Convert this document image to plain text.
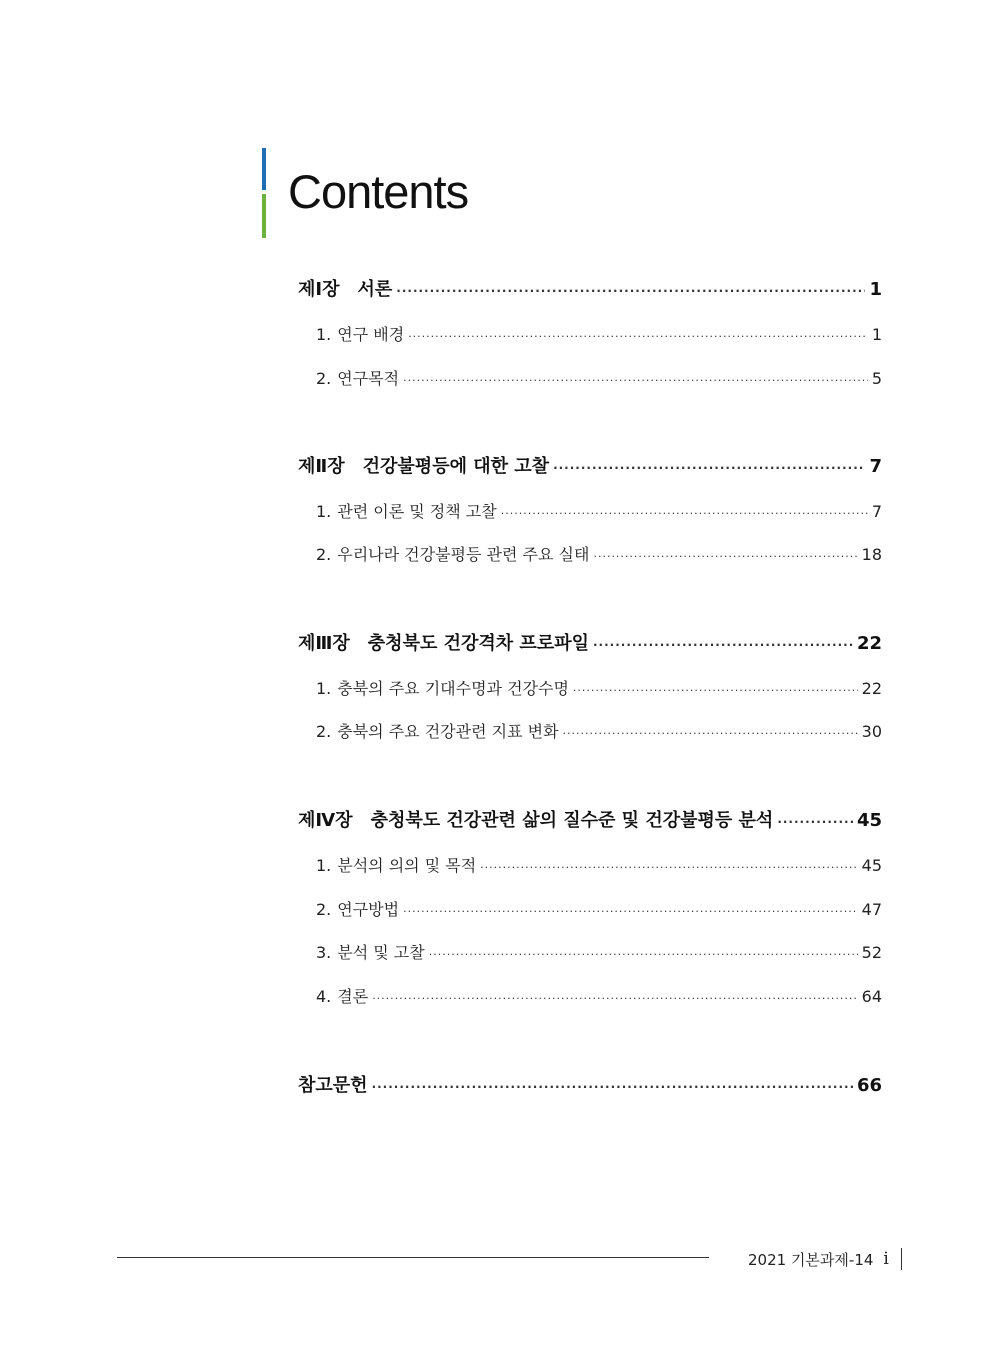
Contents
제Ⅰ장 서론 ·····	1
1. 연구 배경 ·····	1
2. 연구목적 ·····	5
제Ⅱ장 건강불평등에 대한 고찰 ·····	7
1. 관련 이론 및 정책 고찰 ·····	7
2. 우리나라 건강불평등 관련 주요 실태 ·····	18
제Ⅲ장 충청북도 건강격차 프로파일 ·····	22
1. 충북의 주요 기대수명과 건강수명 ·····	22
2. 충북의 주요 건강관련 지표 변화 ·····	30
제Ⅳ장 충청북도 건강관련 삶의 질수준 및 건강불평등 분석 ·····	45
1. 분석의 의의 및 목적 ·····	45
2. 연구방법 ·····	47
3. 분석 및 고찰 ·····	52
4. 결론 ·····	64
참고문헌 ·····	66
2021 기본과제-14 i
